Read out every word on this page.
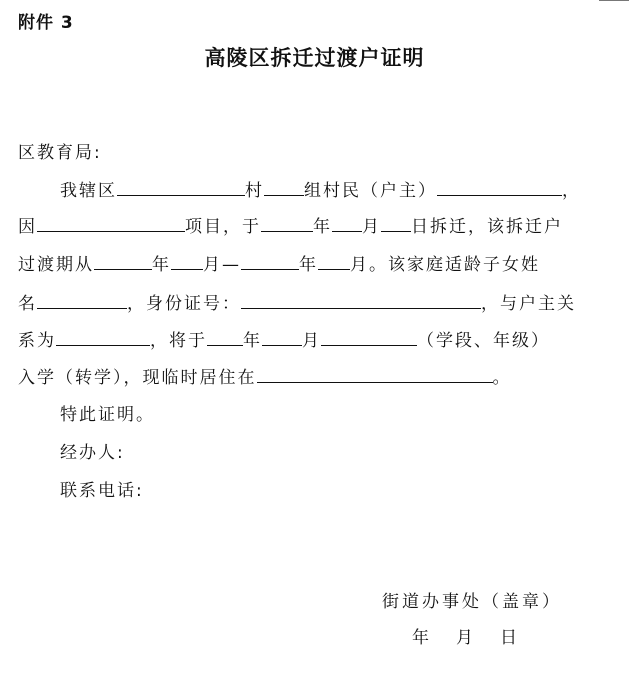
附件 3
高陵区拆迁过渡户证明
区教育局:
我辖区	村 组村民（户主）	，
因	项目，于	年 月 日拆迁，该拆迁户
过渡期从	年 月—	年 月。该家庭适龄子女姓
名	，身份证号：	，与户主关
系为	，将于 年 月	（学段、年级）
入学（转学），现临时居住在	。
特此证明。
经办人:
联系电话:
街道办事处（盖章）
年　月　日
